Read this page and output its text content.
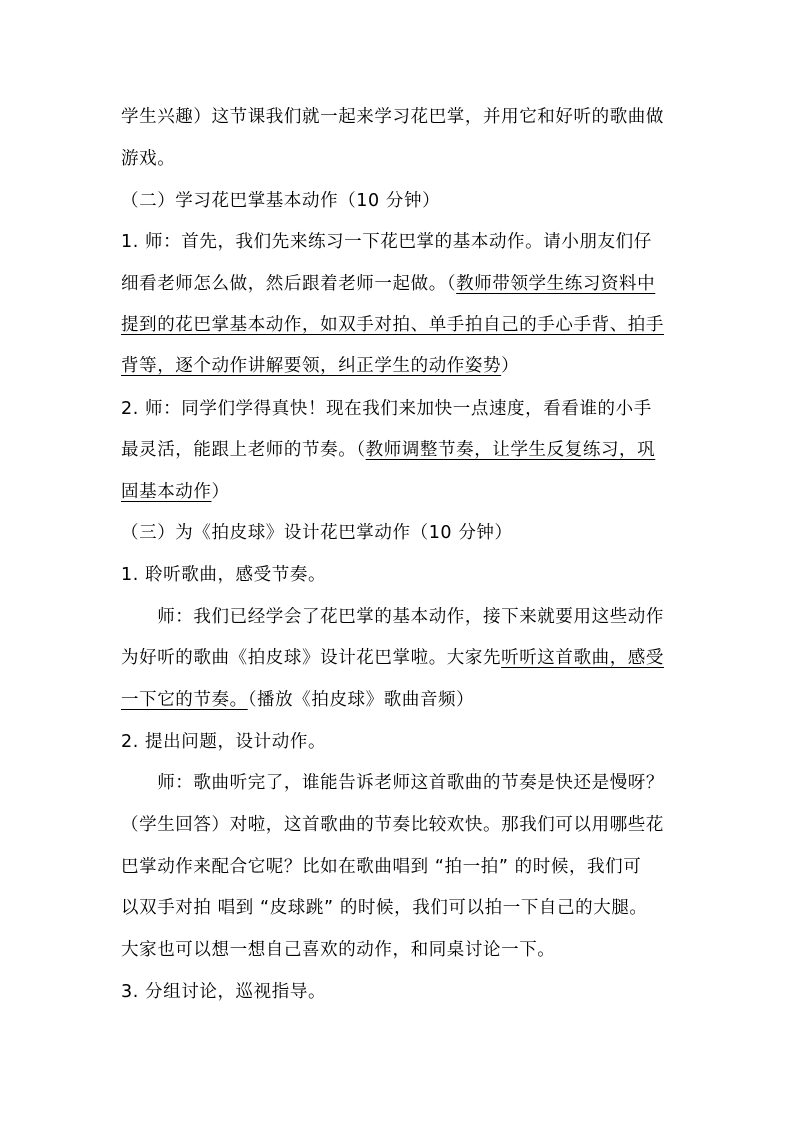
学生兴趣）这节课我们就一起来学习花巴掌，并用它和好听的歌曲做

游戏。

（二）学习花巴掌基本动作（10 分钟）

1. 师：首先，我们先来练习一下花巴掌的基本动作。请小朋友们仔

细看老师怎么做，然后跟着老师一起做。（教师带领学生练习资料中

提到的花巴掌基本动作，如双手对拍、单手拍自己的手心手背、拍手

背等，逐个动作讲解要领，纠正学生的动作姿势）

2. 师：同学们学得真快！现在我们来加快一点速度，看看谁的小手

最灵活，能跟上老师的节奏。（教师调整节奏，让学生反复练习，巩

固基本动作）

（三）为《拍皮球》设计花巴掌动作（10 分钟）

1. 聆听歌曲，感受节奏。

　　师：我们已经学会了花巴掌的基本动作，接下来就要用这些动作

为好听的歌曲《拍皮球》设计花巴掌啦。大家先听听这首歌曲，感受

一下它的节奏。（播放《拍皮球》歌曲音频）

2. 提出问题，设计动作。

　　师：歌曲听完了，谁能告诉老师这首歌曲的节奏是快还是慢呀？

（学生回答）对啦，这首歌曲的节奏比较欢快。那我们可以用哪些花

巴掌动作来配合它呢？比如在歌曲唱到 “拍一拍” 的时候，我们可

以双手对拍 唱到 “皮球跳” 的时候，我们可以拍一下自己的大腿。

大家也可以想一想自己喜欢的动作，和同桌讨论一下。

3. 分组讨论，巡视指导。
